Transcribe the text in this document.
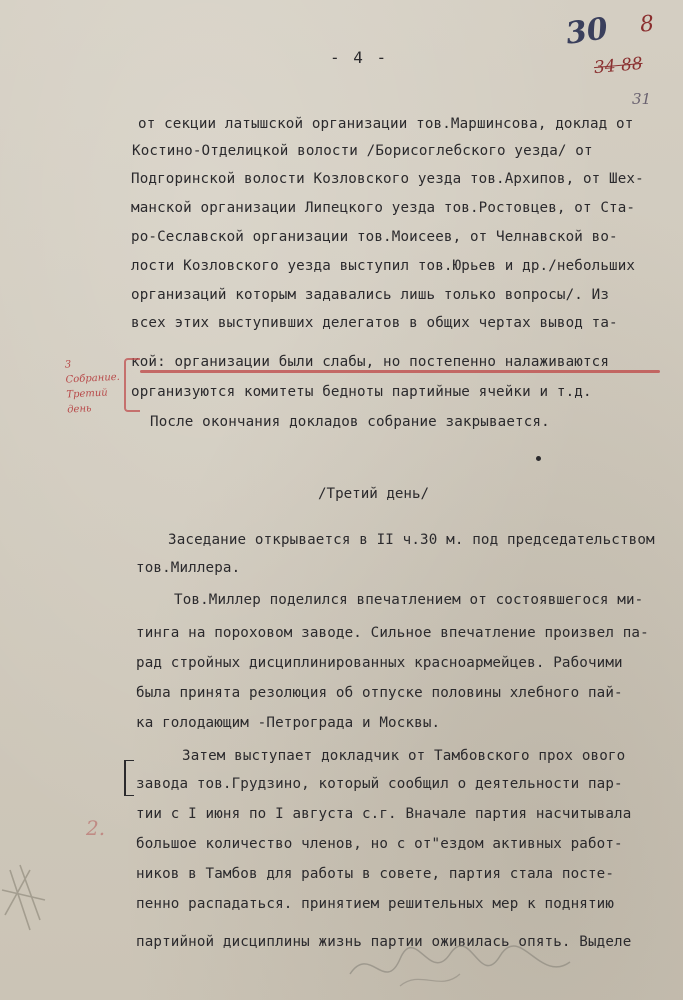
30 8
34 88
31
- 4 -
от секции латышской организации тов.Маршинсова, доклад от
Костино-Отделицкой волости /Борисоглебского уезда/ от
Подгоринской волости Козловского уезда тов.Архипов, от Шех-
манской организации Липецкого уезда тов.Ростовцев, от Ста-
ро-Сеславской организации тов.Моисеев, от Челнавской во-
лости Козловского уезда выступил тов.Юрьев и др./небольших
организаций которым задавались лишь только вопросы/. Из
всех этих выступивших делегатов в общих чертах вывод та-
кой: организации были слабы, но постепенно налаживаются
организуются комитеты бедноты партийные ячейки и т.д.
После окончания докладов собрание закрывается.
3 Собрание. Третий день
/Третий день/
Заседание открывается в II ч.30 м. под председательством
тов.Миллера.
Тов.Миллер поделился впечатлением от состоявшегося ми-
тинга на пороховом заводе. Сильное впечатление произвел па-
рад стройных дисциплинированных красноармейцев. Рабочими
была принята резолюция об отпуске половины хлебного пай-
ка голодающим -Петрограда и Москвы.
Затем выступает докладчик от Тамбовского прох ового
завода тов.Грудзино, который сообщил о деятельности пар-
тии с I июня по I августа с.г. Вначале партия насчитывала
2.
большое количество членов, но с от"ездом активных работ-
ников в Тамбов для работы в совете, партия стала посте-
пенно распадаться. принятием решительных мер к поднятию
партийной дисциплины жизнь партии оживилась опять. Выделе
